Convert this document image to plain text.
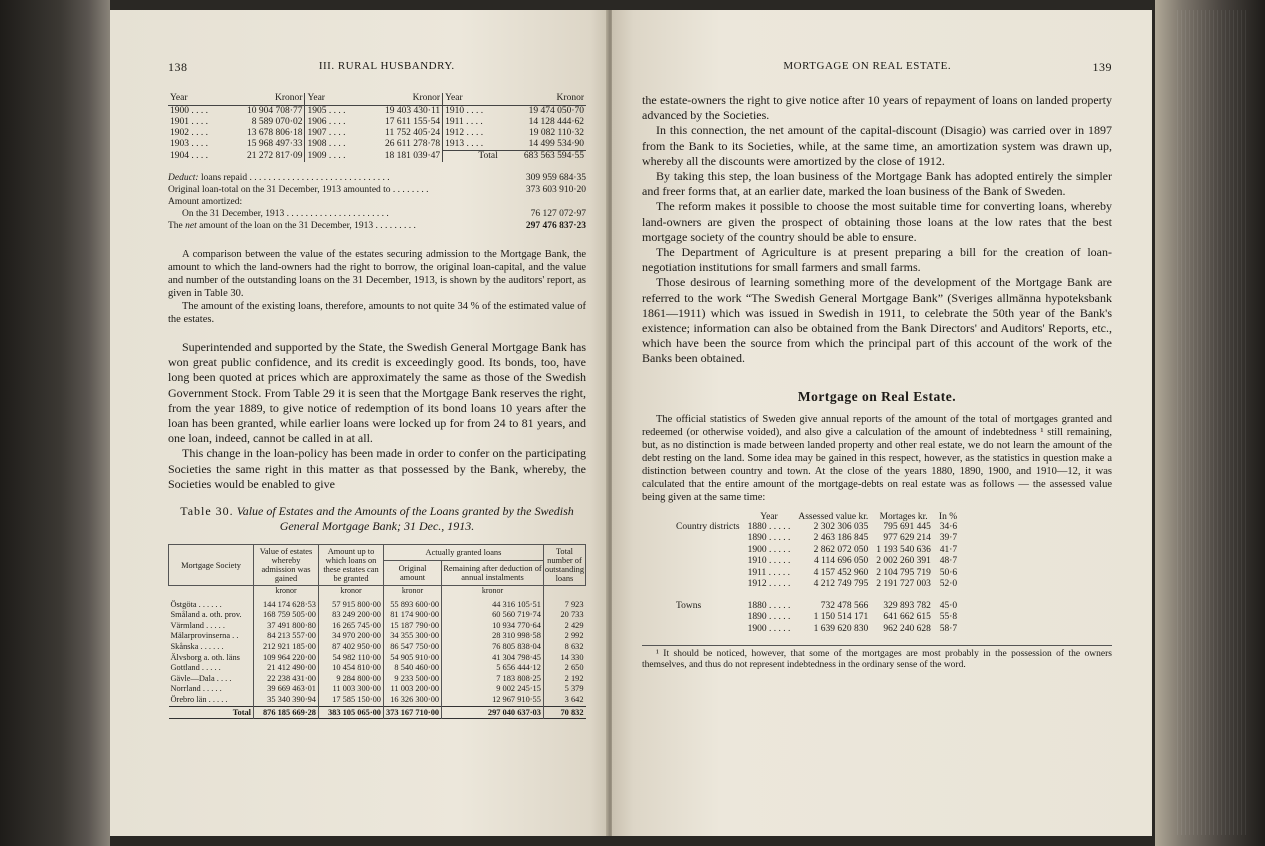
138	III. RURAL HUSBANDRY.
Year	Kronor	Year	Kronor	Year	Kronor
1900 . . . .	10 904 708·77	1905 . . . .	19 403 430·11	1910 . . . .	19 474 050·70
1901 . . . .	8 589 070·02	1906 . . . .	17 611 155·54	1911 . . . .	14 128 444·62
1902 . . . .	13 678 806·18	1907 . . . .	11 752 405·24	1912 . . . .	19 082 110·32
1903 . . . .	15 968 497·33	1908 . . . .	26 611 278·78	1913 . . . .	14 499 534·90
1904 . . . .	21 272 817·09	1909 . . . .	18 181 039·47	Total	683 563 594·55
Deduct: loans repaid . . . . . . . . . . . . . . . . . . . . . . . . . . . . . .	309 959 684·35
Original loan-total on the 31 December, 1913 amounted to . . . . . . . .	373 603 910·20
Amount amortized:
On the 31 December, 1913 . . . . . . . . . . . . . . . . . . . . . .	76 127 072·97
The net amount of the loan on the 31 December, 1913 . . . . . . . . .	297 476 837·23

A comparison between the value of the estates securing admission to the Mortgage Bank, the amount to which the land-owners had the right to borrow, the original loan-capital, and the value and number of the outstanding loans on the 31 December, 1913, is shown by the auditors' report, as given in Table 30.

The amount of the existing loans, therefore, amounts to not quite 34 % of the estimated value of the estates.

Superintended and supported by the State, the Swedish General Mortgage Bank has won great public confidence, and its credit is exceedingly good. Its bonds, too, have long been quoted at prices which are approximately the same as those of the Swedish Government Stock. From Table 29 it is seen that the Mortgage Bank reserves the right, from the year 1889, to give notice of redemption of its bond loans 10 years after the loan has been granted, while earlier loans were locked up for from 24 to 81 years, and one loan, indeed, cannot be called in at all.

This change in the loan-policy has been made in order to confer on the participating Societies the same right in this matter as that possessed by the Bank, whereby, the Societies would be enabled to give

Table 30. Value of Estates and the Amounts of the Loans granted by the Swedish General Mortgage Bank; 31 Dec., 1913.
Mortgage Society	Value of estates whereby admission was gained	Amount up to which loans on these estates can be granted	Actually granted loans		Total number of outstanding loans
			Original amount	Remaining after deduction of annual instalments	
	kronor	kronor	kronor	kronor	
Östgöta . . . . . .	144 174 628·53	57 915 800·00	55 893 600·00	44 316 105·51	7 923
Småland a. oth. prov.	168 759 505·00	83 249 200·00	81 174 900·00	60 560 719·74	20 733
Värmland . . . . .	37 491 800·80	16 265 745·00	15 187 790·00	10 934 770·64	2 429
Mälarprovinserna . .	84 213 557·00	34 970 200·00	34 355 300·00	28 310 998·58	2 992
Skånska . . . . . .	212 921 185·00	87 402 950·00	86 547 750·00	76 805 838·04	8 632
Älvsborg a. oth. läns	109 964 220·00	54 982 110·00	54 905 910·00	41 304 798·45	14 330
Gottland . . . . .	21 412 490·00	10 454 810·00	8 540 460·00	5 656 444·12	2 650
Gävle—Dala . . . .	22 238 431·00	9 284 800·00	9 233 500·00	7 183 808·25	2 192
Norrland . . . . .	39 669 463·01	11 003 300·00	11 003 200·00	9 002 245·15	5 379
Örebro län . . . . .	35 340 390·94	17 585 150·00	16 326 300·00	12 967 910·55	3 642
Total	876 185 669·28	383 105 065·00	373 167 710·00	297 040 637·03	70 832
MORTGAGE ON REAL ESTATE.	139

the estate-owners the right to give notice after 10 years of repayment of loans on landed property advanced by the Societies.

In this connection, the net amount of the capital-discount (Disagio) was carried over in 1897 from the Bank to its Societies, while, at the same time, an amortization system was drawn up, whereby all the discounts were amortized by the close of 1912.

By taking this step, the loan business of the Mortgage Bank has adopted entirely the simpler and freer forms that, at an earlier date, marked the loan business of the Bank of Sweden.

The reform makes it possible to choose the most suitable time for converting loans, whereby land-owners are given the prospect of obtaining those loans at the low rates that the best mortgage society of the country should be able to ensure.

The Department of Agriculture is at present preparing a bill for the creation of loan-negotiation institutions for small farmers and small farms.

Those desirous of learning something more of the development of the Mortgage Bank are referred to the work “The Swedish General Mortgage Bank” (Sveriges allmänna hypoteksbank 1861—1911) which was issued in Swedish in 1911, to celebrate the 50th year of the Bank's existence; information can also be obtained from the Bank Directors' and Auditors' Reports, etc., which have been the source from which the principal part of this account of the work of the Banks been obtained.

Mortgage on Real Estate.

The official statistics of Sweden give annual reports of the amount of the total of mortgages granted and redeemed (or otherwise voided), and also give a calculation of the amount of indebtedness ¹ still remaining, but, as no distinction is made between landed property and other real estate, we do not learn the amount of the debt resting on the land. Some idea may be gained in this respect, however, as the statistics in question make a distinction between country and town. At the close of the years 1880, 1890, 1900, and 1910—12, it was calculated that the entire amount of the mortgage-debts on real estate was as follows — the assessed value being given at the same time:

	Year	Assessed value kr.	Mortages kr.	In %
Country districts	1880 . . . . .	2 302 306 035	795 691 445	34·6
	1890 . . . . .	2 463 186 845	977 629 214	39·7
	1900 . . . . .	2 862 072 050	1 193 540 636	41·7
	1910 . . . . .	4 114 696 050	2 002 260 391	48·7
	1911 . . . . .	4 157 452 960	2 104 795 719	50·6
	1912 . . . . .	4 212 749 795	2 191 727 003	52·0

Towns	1880 . . . . .	732 478 566	329 893 782	45·0
	1890 . . . . .	1 150 514 171	641 662 615	55·8
	1900 . . . . .	1 639 620 830	962 240 628	58·7

¹ It should be noticed, however, that some of the mortgages are most probably in the possession of the owners themselves, and thus do not represent indebtedness in the ordinary sense of the word.
